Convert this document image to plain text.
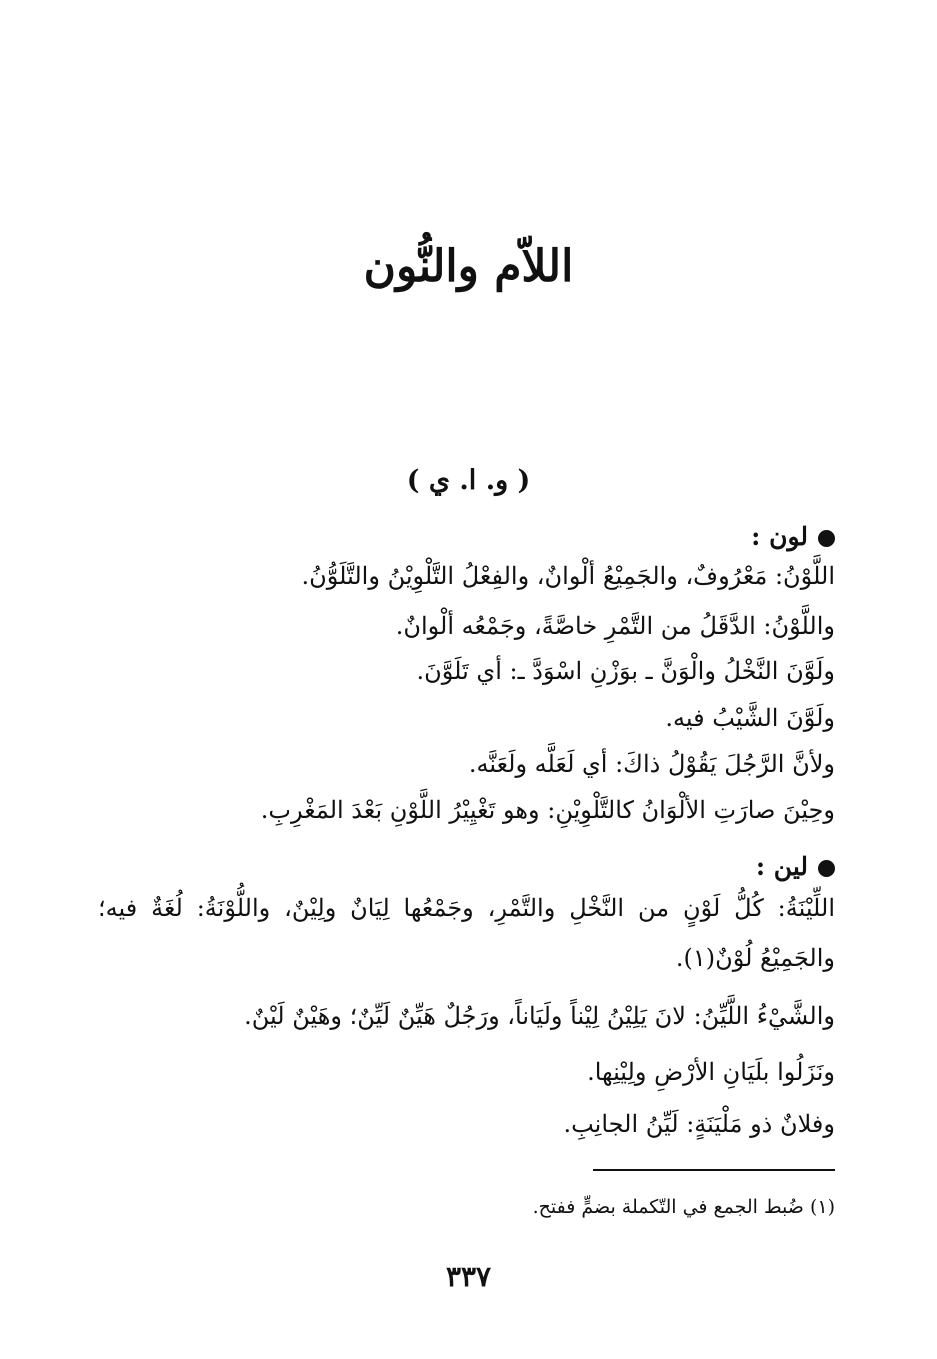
اللاّم والنُّون
( و. ا. ي )
لون :
اللَّوْنُ: مَعْرُوفٌ، والجَمِيْعُ ألْوانٌ، والفِعْلُ التَّلْوِيْنُ والتَّلَوُّنُ.
واللَّوْنُ: الدَّقَلُ من التَّمْرِ خاصَّةً، وجَمْعُه ألْوانٌ.
ولَوَّنَ النَّخْلُ والْوَنَّ ـ بوَزْنِ اسْوَدَّ ـ: أي تَلَوَّنَ.
ولَوَّنَ الشَّيْبُ فيه.
ولأنَّ الرَّجُلَ يَقُوْلُ ذاكَ: أي لَعَلَّه ولَعَنَّه.
وحِيْنَ صارَتِ الألْوَانُ كالتَّلْوِيْنِ: وهو تَغْيِيْرُ اللَّوْنِ بَعْدَ المَغْرِبِ.
لين :
اللِّيْنَةُ: كُلُّ لَوْنٍ من النَّخْلِ والتَّمْرِ، وجَمْعُها لِيَانٌ ولِيْنٌ، واللُّوْنَةُ: لُغَةٌ فيه؛
والجَمِيْعُ لُوْنٌ(١).
والشَّيْءُ اللَّيِّنُ: لانَ يَلِيْنُ لِيْناً ولَيَاناً، ورَجُلٌ هَيِّنٌ لَيِّنٌ؛ وهَيْنٌ لَيْنٌ.
ونَزَلُوا بلَيَانِ الأرْضِ ولِيْنِها.
وفلانٌ ذو مَلْيَنَةٍ: لَيِّنُ الجانِبِ.
(١) ضُبط الجمع في التّكملة بضمٍّ ففتح.
٣٣٧
